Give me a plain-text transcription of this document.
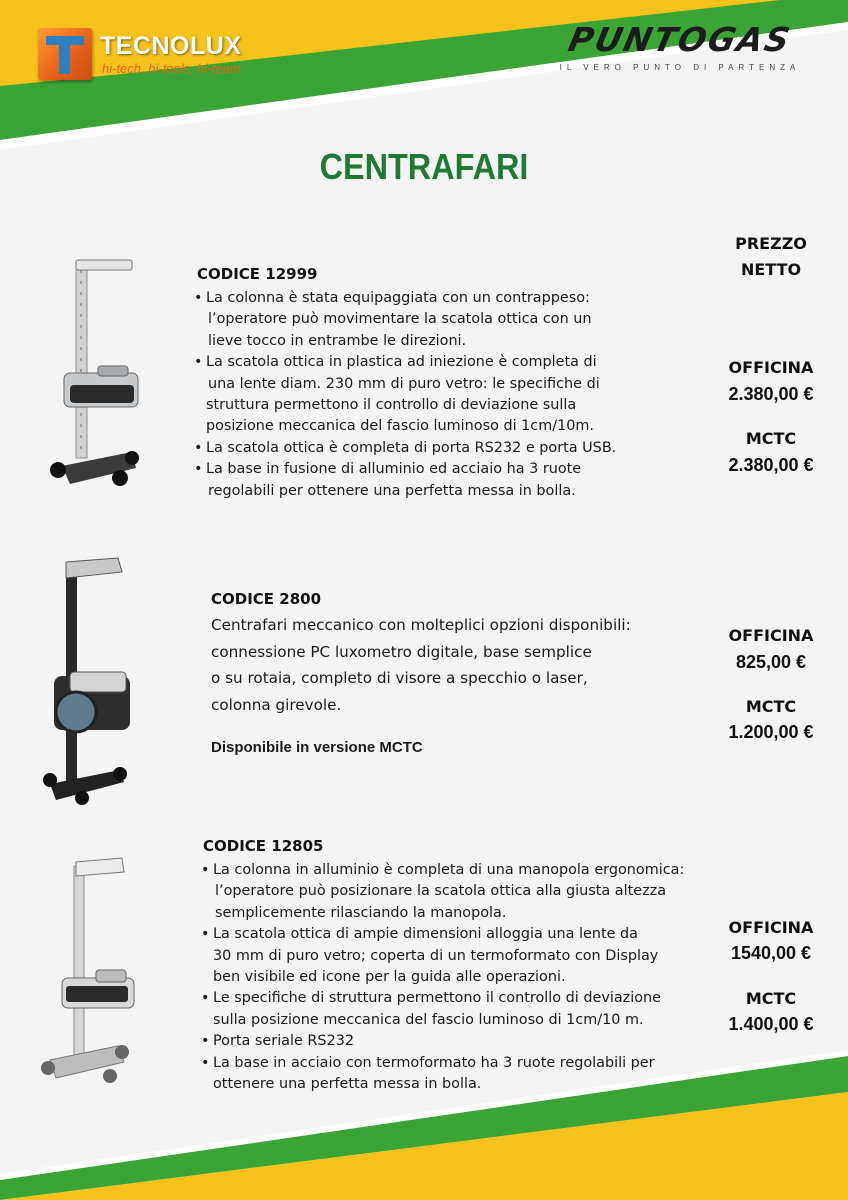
TECNOLUX
hi-tech, hi-tools, hi-team
PUNTOGAS
IL VERO PUNTO DI PARTENZA
CENTRAFARI
PREZZO
NETTO
CODICE 12999
• La colonna è stata equipaggiata con un contrappeso:
l’operatore può movimentare la scatola ottica con un
lieve tocco in entrambe le direzioni.
• La scatola ottica in plastica ad iniezione è completa di
una lente diam. 230 mm di puro vetro: le specifiche di
struttura permettono il controllo di deviazione sulla
posizione meccanica del fascio luminoso di 1cm/10m.
• La scatola ottica è completa di porta RS232 e porta USB.
• La base in fusione di alluminio ed acciaio ha 3 ruote
regolabili per ottenere una perfetta messa in bolla.
OFFICINA
2.380,00 €
MCTC
2.380,00 €
CODICE 2800
Centrafari meccanico con molteplici opzioni disponibili:
connessione PC luxometro digitale, base semplice
o su rotaia, completo di visore a specchio o laser,
colonna girevole.
Disponibile in versione MCTC
OFFICINA
825,00 €
MCTC
1.200,00 €
CODICE 12805
• La colonna in alluminio è completa di una manopola ergonomica:
l’operatore può posizionare la scatola ottica alla giusta altezza
semplicemente rilasciando la manopola.
• La scatola ottica di ampie dimensioni alloggia una lente da
30 mm di puro vetro; coperta di un termoformato con Display
ben visibile ed icone per la guida alle operazioni.
• Le specifiche di struttura permettono il controllo di deviazione
sulla posizione meccanica del fascio luminoso di 1cm/10 m.
• Porta seriale RS232
• La base in acciaio con termoformato ha 3 ruote regolabili per
ottenere una perfetta messa in bolla.
OFFICINA
1540,00 €
MCTC
1.400,00 €
